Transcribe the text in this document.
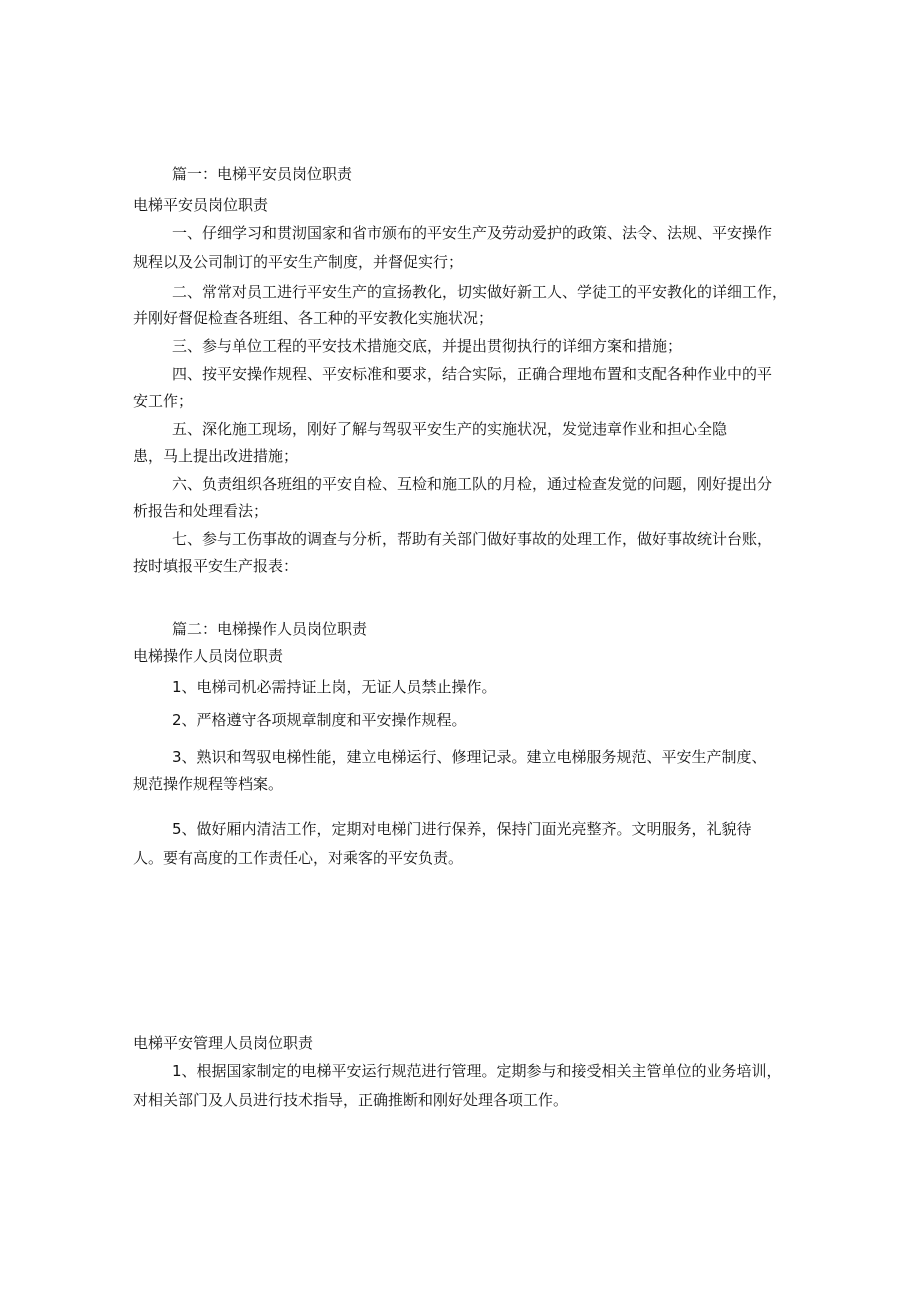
篇一：电梯平安员岗位职责
电梯平安员岗位职责
一、仔细学习和贯沏国家和省市颁布的平安生产及劳动爱护的政策、法令、法规、平安操作
规程以及公司制订的平安生产制度，并督促实行；
二、常常对员工进行平安生产的宣扬教化，切实做好新工人、学徒工的平安教化的详细工作，
并刚好督促检查各班组、各工种的平安教化实施状况；
三、参与单位工程的平安技术措施交底，并提出贯彻执行的详细方案和措施；
四、按平安操作规程、平安标准和要求，结合实际，正确合理地布置和支配各种作业中的平
安工作；
五、深化施工现场，刚好了解与驾驭平安生产的实施状况，发觉违章作业和担心全隐
患，马上提出改进措施；
六、负责组织各班组的平安自检、互检和施工队的月检，通过检查发觉的问题，刚好提出分
析报告和处理看法；
七、参与工伤事故的调查与分析，帮助有关部门做好事故的处理工作，做好事故统计台账，
按时填报平安生产报表：
篇二：电梯操作人员岗位职责
电梯操作人员岗位职责
1、电梯司机必需持证上岗，无证人员禁止操作。
2、严格遵守各项规章制度和平安操作规程。
3、熟识和驾驭电梯性能，建立电梯运行、修理记录。建立电梯服务规范、平安生产制度、
规范操作规程等档案。
5、做好厢内清洁工作，定期对电梯门进行保养，保持门面光亮整齐。文明服务，礼貌待
人。要有高度的工作责任心，对乘客的平安负责。
电梯平安管理人员岗位职责
1、根据国家制定的电梯平安运行规范进行管理。定期参与和接受相关主管单位的业务培训，
对相关部门及人员进行技术指导，正确推断和刚好处理各项工作。
